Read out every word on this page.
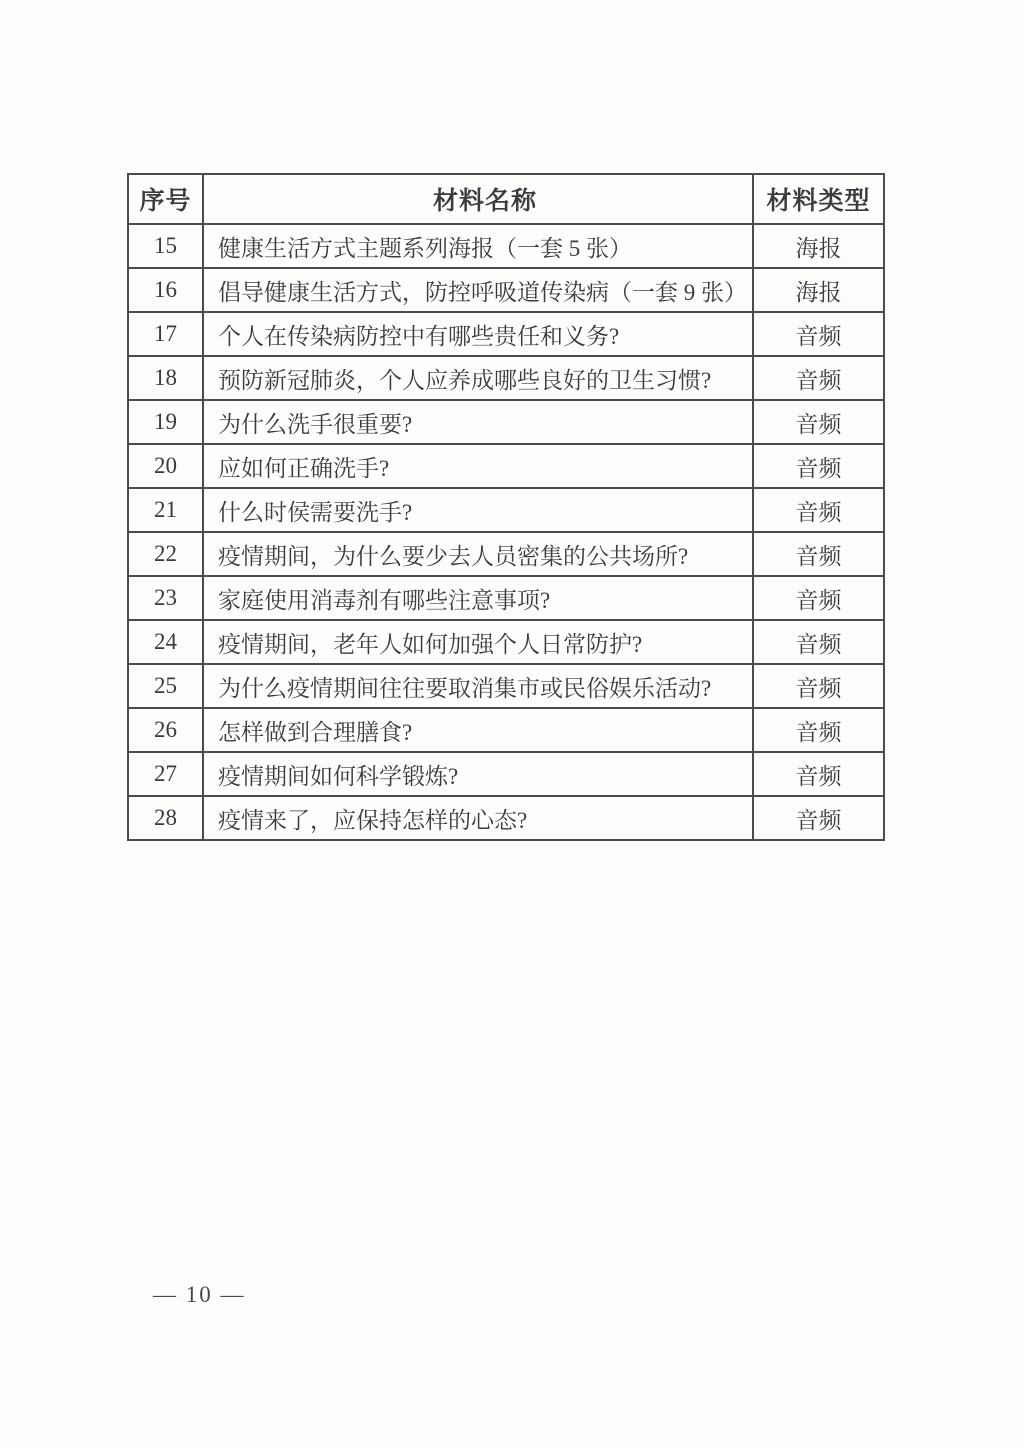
序号	材料名称	材料类型
15	健康生活方式主题系列海报（一套 5 张）	海报
16	倡导健康生活方式，防控呼吸道传染病（一套 9 张）	海报
17	个人在传染病防控中有哪些贵任和义务?	音频
18	预防新冠肺炎，个人应养成哪些良好的卫生习惯?	音频
19	为什么洗手很重要?	音频
20	应如何正确洗手?	音频
21	什么时侯需要洗手?	音频
22	疫情期间，为什么要少去人员密集的公共场所?	音频
23	家庭使用消毒剂有哪些注意事项?	音频
24	疫情期间，老年人如何加强个人日常防护?	音频
25	为什么疫情期间往往要取消集市或民俗娱乐活动?	音频
26	怎样做到合理膳食?	音频
27	疫情期间如何科学锻炼?	音频
28	疫情来了，应保持怎样的心态?	音频
— 10 —
